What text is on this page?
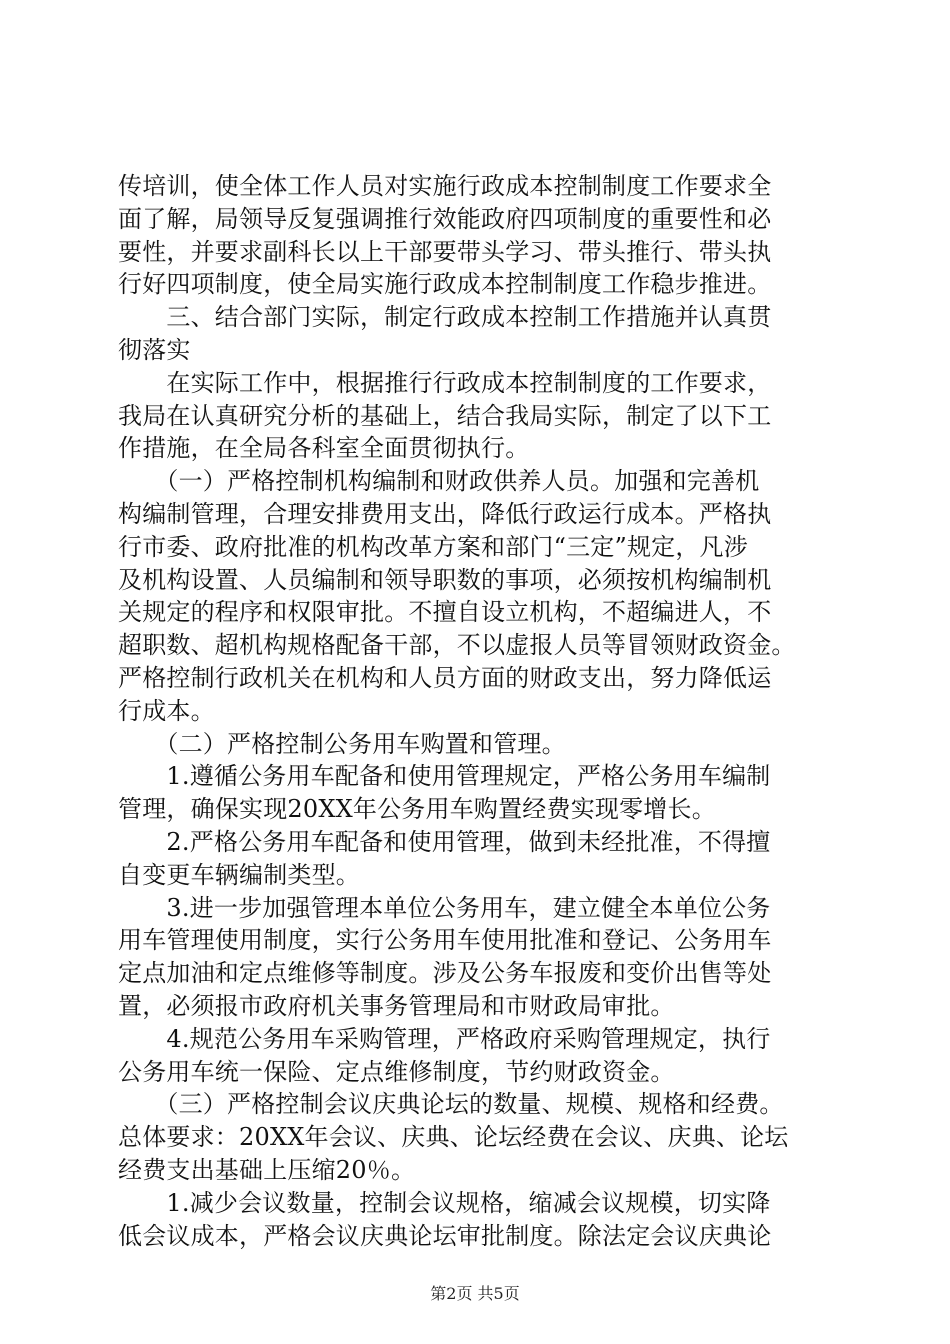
传培训，使全体工作人员对实施行政成本控制制度工作要求全
面了解，局领导反复强调推行效能政府四项制度的重要性和必
要性，并要求副科长以上干部要带头学习、带头推行、带头执
行好四项制度，使全局实施行政成本控制制度工作稳步推进。
　　三、结合部门实际，制定行政成本控制工作措施并认真贯
彻落实
　　在实际工作中，根据推行行政成本控制制度的工作要求，
我局在认真研究分析的基础上，结合我局实际，制定了以下工
作措施，在全局各科室全面贯彻执行。
　　（一）严格控制机构编制和财政供养人员。加强和完善机
构编制管理，合理安排费用支出，降低行政运行成本。严格执
行市委、政府批准的机构改革方案和部门“三定”规定，凡涉
及机构设置、人员编制和领导职数的事项，必须按机构编制机
关规定的程序和权限审批。不擅自设立机构，不超编进人，不
超职数、超机构规格配备干部，不以虚报人员等冒领财政资金。
严格控制行政机关在机构和人员方面的财政支出，努力降低运
行成本。
　　（二）严格控制公务用车购置和管理。
　　1.遵循公务用车配备和使用管理规定，严格公务用车编制
管理，确保实现20XX年公务用车购置经费实现零增长。
　　2.严格公务用车配备和使用管理，做到未经批准，不得擅
自变更车辆编制类型。
　　3.进一步加强管理本单位公务用车，建立健全本单位公务
用车管理使用制度，实行公务用车使用批准和登记、公务用车
定点加油和定点维修等制度。涉及公务车报废和变价出售等处
置，必须报市政府机关事务管理局和市财政局审批。
　　4.规范公务用车采购管理，严格政府采购管理规定，执行
公务用车统一保险、定点维修制度，节约财政资金。
　　（三）严格控制会议庆典论坛的数量、规模、规格和经费。
总体要求：20XX年会议、庆典、论坛经费在会议、庆典、论坛
经费支出基础上压缩20％。
　　1.减少会议数量，控制会议规格，缩减会议规模，切实降
低会议成本，严格会议庆典论坛审批制度。除法定会议庆典论
第2页 共5页
